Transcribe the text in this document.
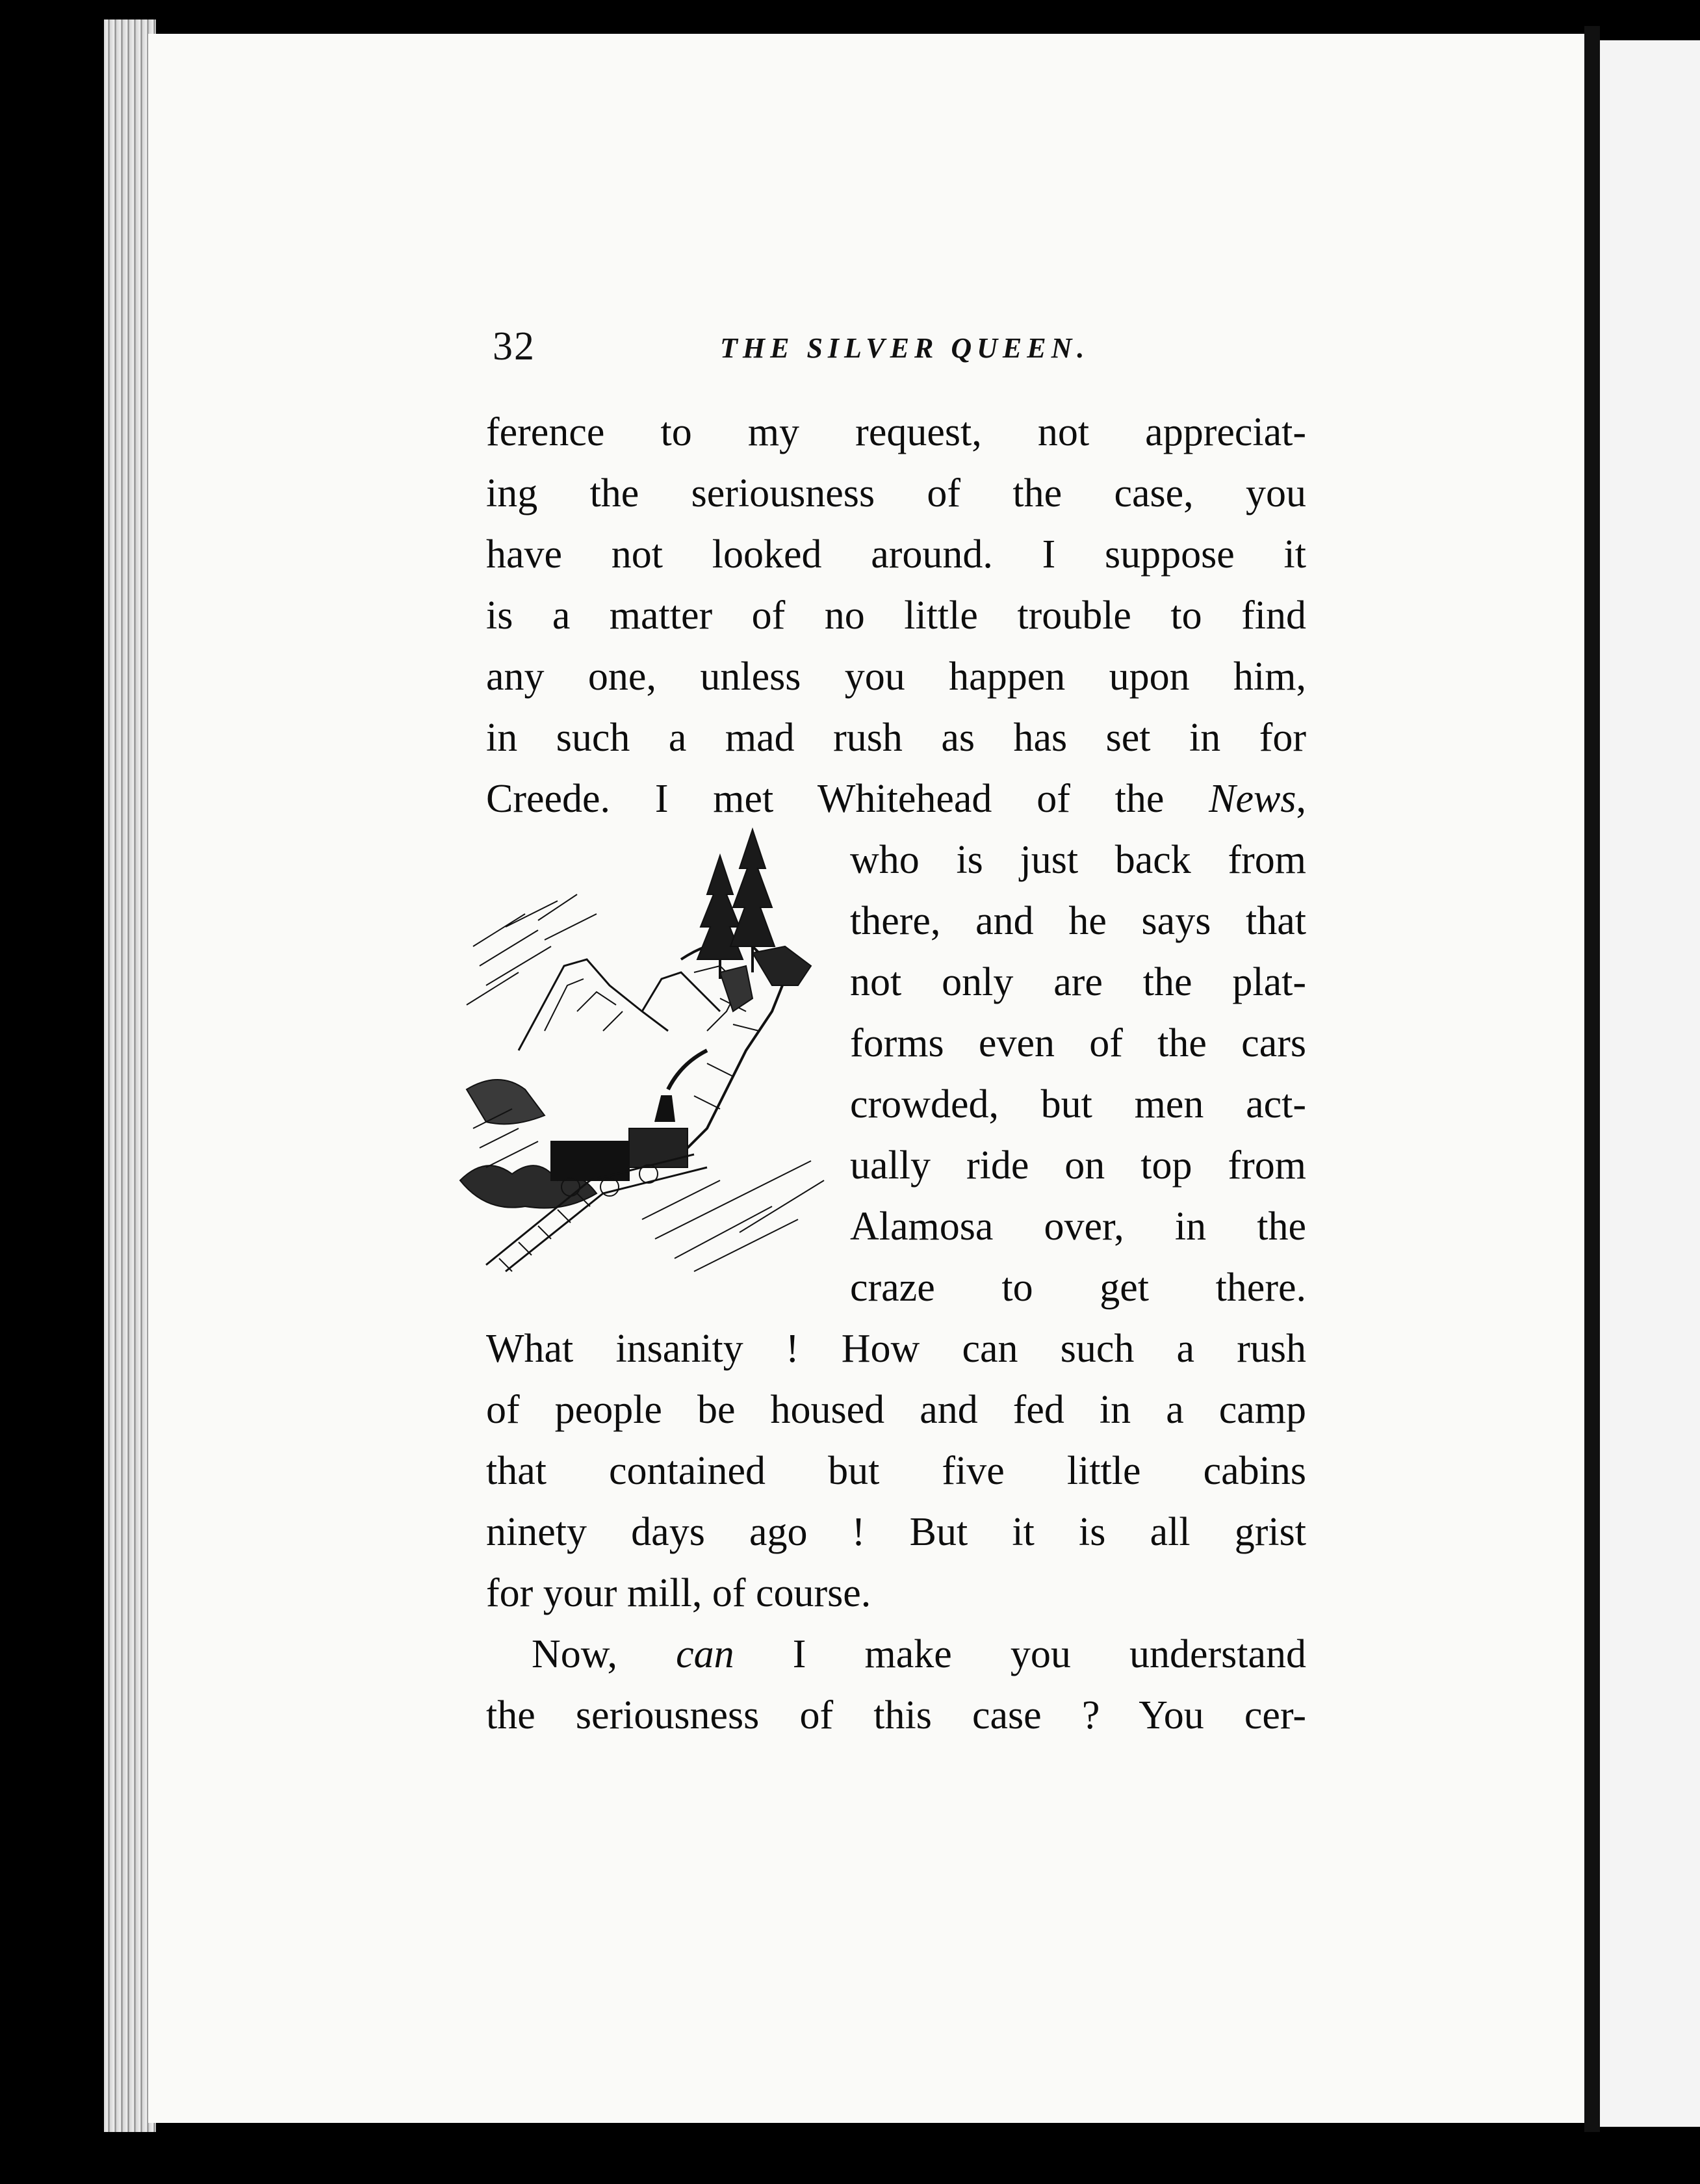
32	THE SILVER QUEEN.
ference to my request, not appreciat-
ing the seriousness of the case, you
have not looked around. I suppose it
is a matter of no little trouble to find
any one, unless you happen upon him,
in such a mad rush as has set in for
Creede. I met Whitehead of the News,
who is just back from
there, and he says that
not only are the plat-
forms even of the cars
crowded, but men act-
ually ride on top from
Alamosa over, in the
craze to get there.
What insanity ! How can such a rush
of people be housed and fed in a camp
that contained but five little cabins
ninety days ago ! But it is all grist
for your mill, of course.
Now, can I make you understand
the seriousness of this case ? You cer-
